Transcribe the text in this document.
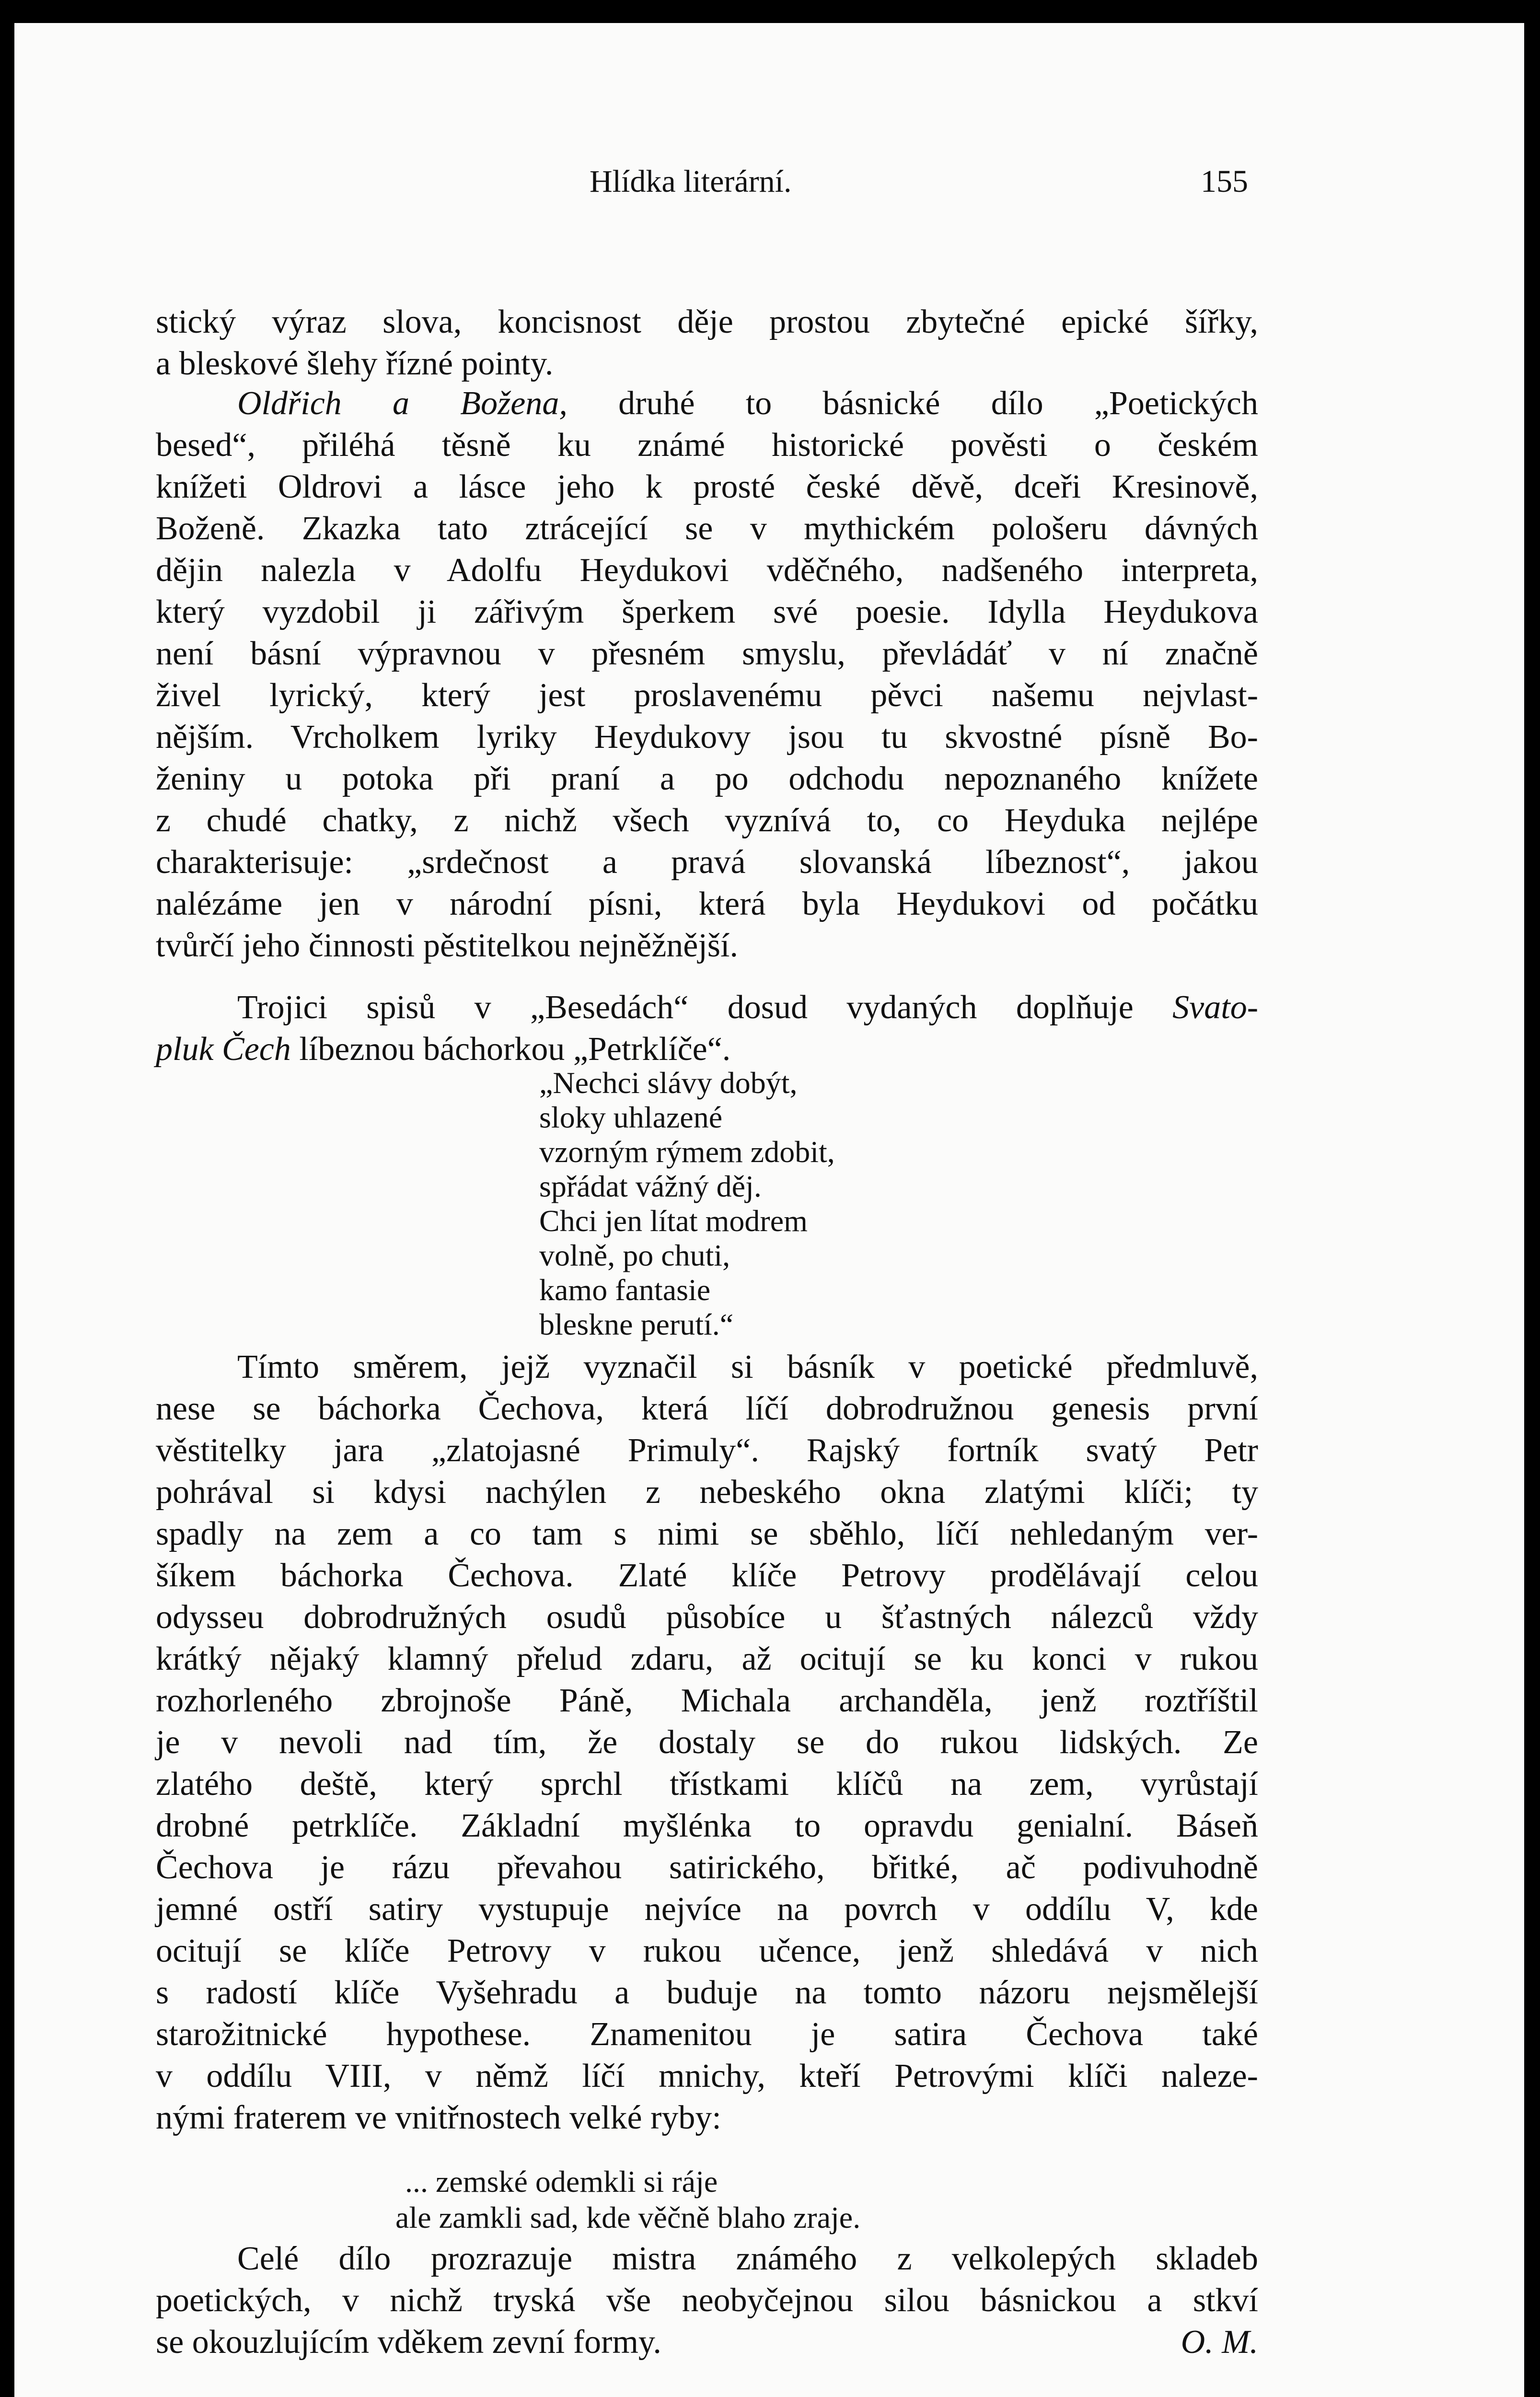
Hlídka literární.	155
stický výraz slova, koncisnost děje prostou zbytečné epické šířky,
a bleskové šlehy řízné pointy.
Oldřich a Božena, druhé to básnické dílo „Poetických
besed“, přiléhá těsně ku známé historické pověsti o českém
knížeti Oldrovi a lásce jeho k prosté české děvě, dceři Kresinově,
Boženě. Zkazka tato ztrácející se v mythickém pološeru dávných
dějin nalezla v Adolfu Heydukovi vděčného, nadšeného interpreta,
který vyzdobil ji zářivým šperkem své poesie. Idylla Heydukova
není básní výpravnou v přesném smyslu, převládáť v ní značně
živel lyrický, který jest proslavenému pěvci našemu nejvlast-
nějším. Vrcholkem lyriky Heydukovy jsou tu skvostné písně Bo-
ženiny u potoka při praní a po odchodu nepoznaného knížete
z chudé chatky, z nichž všech vyznívá to, co Heyduka nejlépe
charakterisuje: „srdečnost a pravá slovanská líbeznost“, jakou
nalézáme jen v národní písni, která byla Heydukovi od počátku
tvůrčí jeho činnosti pěstitelkou nejněžnější.
Trojici spisů v „Besedách“ dosud vydaných doplňuje Svato-
pluk Čech líbeznou báchorkou „Petrklíče“.
„Nechci slávy dobýt,
sloky uhlazené
vzorným rýmem zdobit,
spřádat vážný děj.
Chci jen lítat modrem
volně, po chuti,
kamo fantasie
bleskne perutí.“
Tímto směrem, jejž vyznačil si básník v poetické předmluvě,
nese se báchorka Čechova, která líčí dobrodružnou genesis první
věstitelky jara „zlatojasné Primuly“. Rajský fortník svatý Petr
pohrával si kdysi nachýlen z nebeského okna zlatými klíči; ty
spadly na zem a co tam s nimi se sběhlo, líčí nehledaným ver-
šíkem báchorka Čechova. Zlaté klíče Petrovy prodělávají celou
odysseu dobrodružných osudů působíce u šťastných nálezců vždy
krátký nějaký klamný přelud zdaru, až ocitují se ku konci v rukou
rozhorleného zbrojnoše Páně, Michala archanděla, jenž roztříštil
je v nevoli nad tím, že dostaly se do rukou lidských. Ze
zlatého deště, který sprchl třístkami klíčů na zem, vyrůstají
drobné petrklíče. Základní myšlénka to opravdu genialní. Báseň
Čechova je rázu převahou satirického, břitké, ač podivuhodně
jemné ostří satiry vystupuje nejvíce na povrch v oddílu V, kde
ocitují se klíče Petrovy v rukou učence, jenž shledává v nich
s radostí klíče Vyšehradu a buduje na tomto názoru nejsmělejší
starožitnické hypothese. Znamenitou je satira Čechova také
v oddílu VIII, v němž líčí mnichy, kteří Petrovými klíči naleze-
nými fraterem ve vnitřnostech velké ryby:
... zemské odemkli si ráje
ale zamkli sad, kde věčně blaho zraje.
Celé dílo prozrazuje mistra známého z velkolepých skladeb
poetických, v nichž tryská vše neobyčejnou silou básnickou a stkví
se okouzlujícím vděkem zevní formy.	O. M.
